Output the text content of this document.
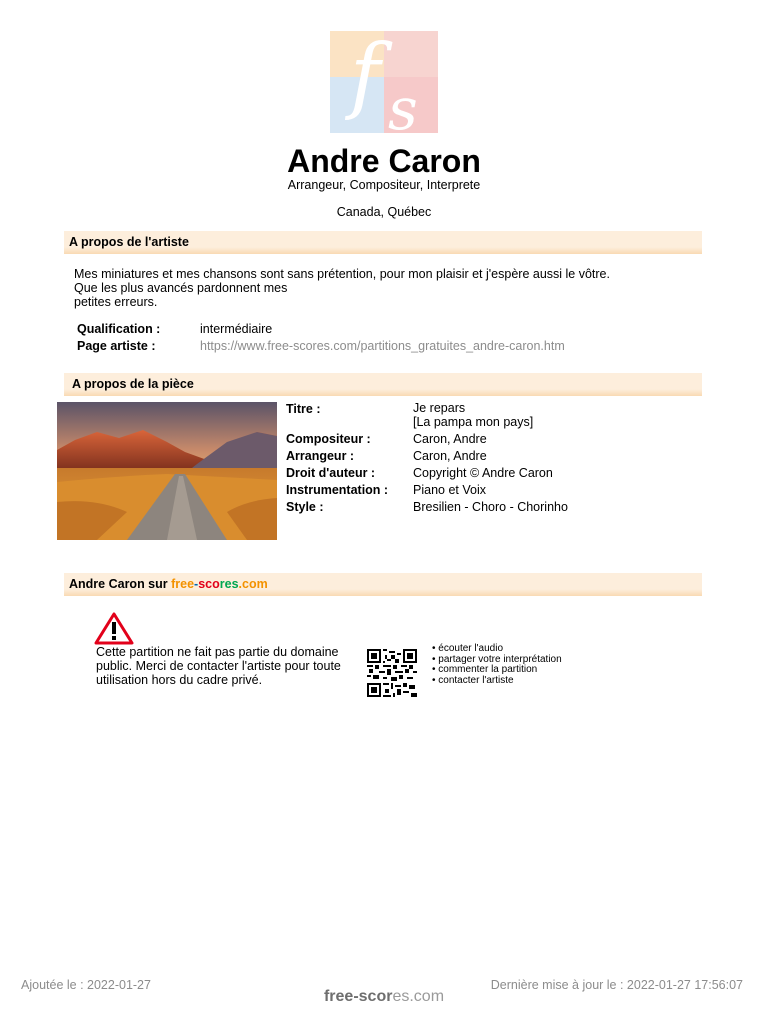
f s
Andre Caron
Arrangeur, Compositeur, Interprete
Canada, Québec
A propos de l'artiste

Mes miniatures et mes chansons sont sans prétention, pour mon plaisir et j'espère aussi le vôtre.

Que les plus avancés pardonnent mes

petites erreurs.

Qualification :	intermédiaire
Page artiste :	https://www.free-scores.com/partitions_gratuites_andre-caron.htm
A propos de la pièce
Titre :	Je repars
[La pampa mon pays]
Compositeur :	Caron, Andre
Arrangeur :	Caron, Andre
Droit d'auteur :	Copyright © Andre Caron
Instrumentation :	Piano et Voix
Style :	Bresilien - Choro - Chorinho
Andre Caron sur free-scores.com
Cette partition ne fait pas partie du domaine public. Merci de contacter l'artiste pour toute utilisation hors du cadre privé.
• écouter l'audio
• partager votre interprétation
• commenter la partition
• contacter l'artiste
Ajoutée le : 2022-01-27
free-scores.com
Dernière mise à jour le : 2022-01-27 17:56:07
